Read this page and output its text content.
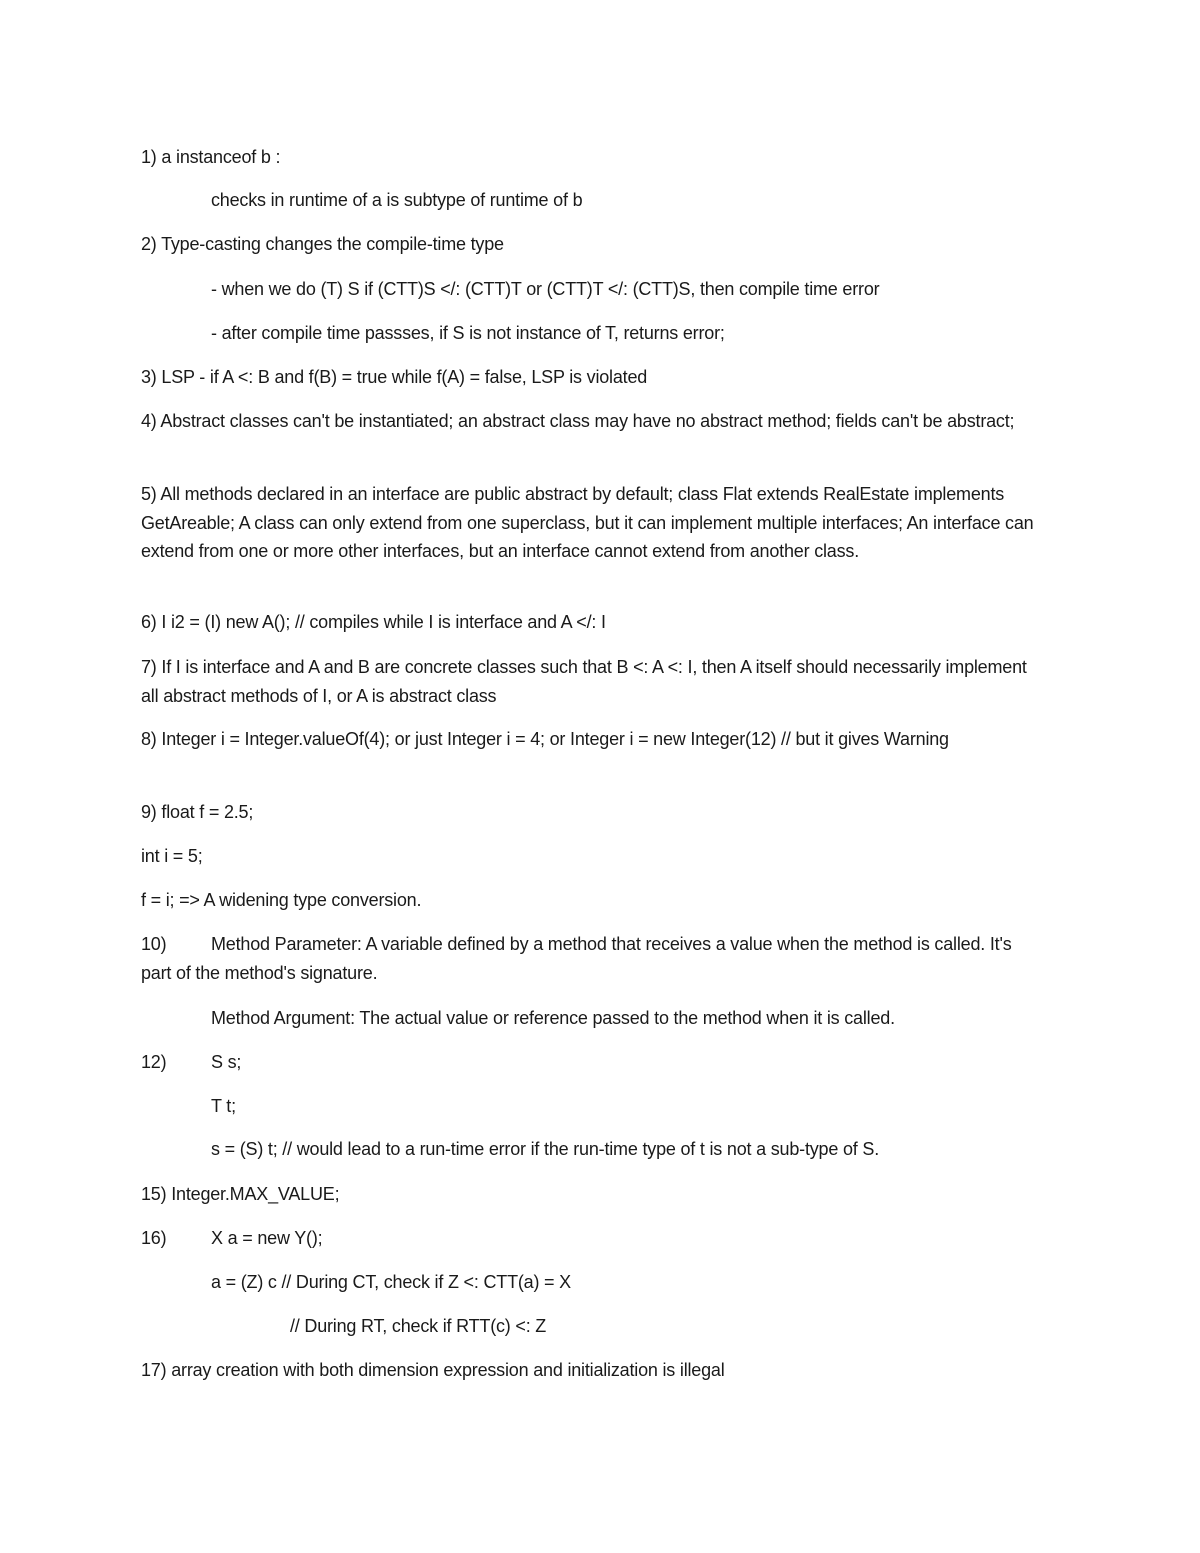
1) a instanceof b :
checks in runtime of a is subtype of runtime of b
2) Type-casting changes the compile-time type
- when we do (T) S if (CTT)S </: (CTT)T or (CTT)T </: (CTT)S, then compile time error
- after compile time passses, if S is not instance of T, returns error;
3) LSP - if A <: B and f(B) = true while f(A) = false, LSP is violated
4) Abstract classes can't be instantiated; an abstract class may have no abstract method; fields can't be abstract;
5) All methods declared in an interface are public abstract by default; class Flat extends RealEstate implements GetAreable; A class can only extend from one superclass, but it can implement multiple interfaces; An interface can extend from one or more other interfaces, but an interface cannot extend from another class.
6) I i2 = (I) new A(); // compiles while I is interface and A </: I
7) If I is interface and A and B are concrete classes such that B <: A <: I, then A itself should necessarily implement all abstract methods of I, or A is abstract class
8) Integer i = Integer.valueOf(4); or just Integer i = 4; or Integer i = new Integer(12) // but it gives Warning
9) float f = 2.5;
int i = 5;
f = i; => A widening type conversion.
10) Method Parameter: A variable defined by a method that receives a value when the method is called. It's part of the method's signature.
Method Argument: The actual value or reference passed to the method when it is called.
12) S s;
T t;
s = (S) t; // would lead to a run-time error if the run-time type of t is not a sub-type of S.
15) Integer.MAX_VALUE;
16) X a = new Y();
a = (Z) c // During CT, check if Z <: CTT(a) = X
// During RT, check if RTT(c) <: Z
17) array creation with both dimension expression and initialization is illegal
